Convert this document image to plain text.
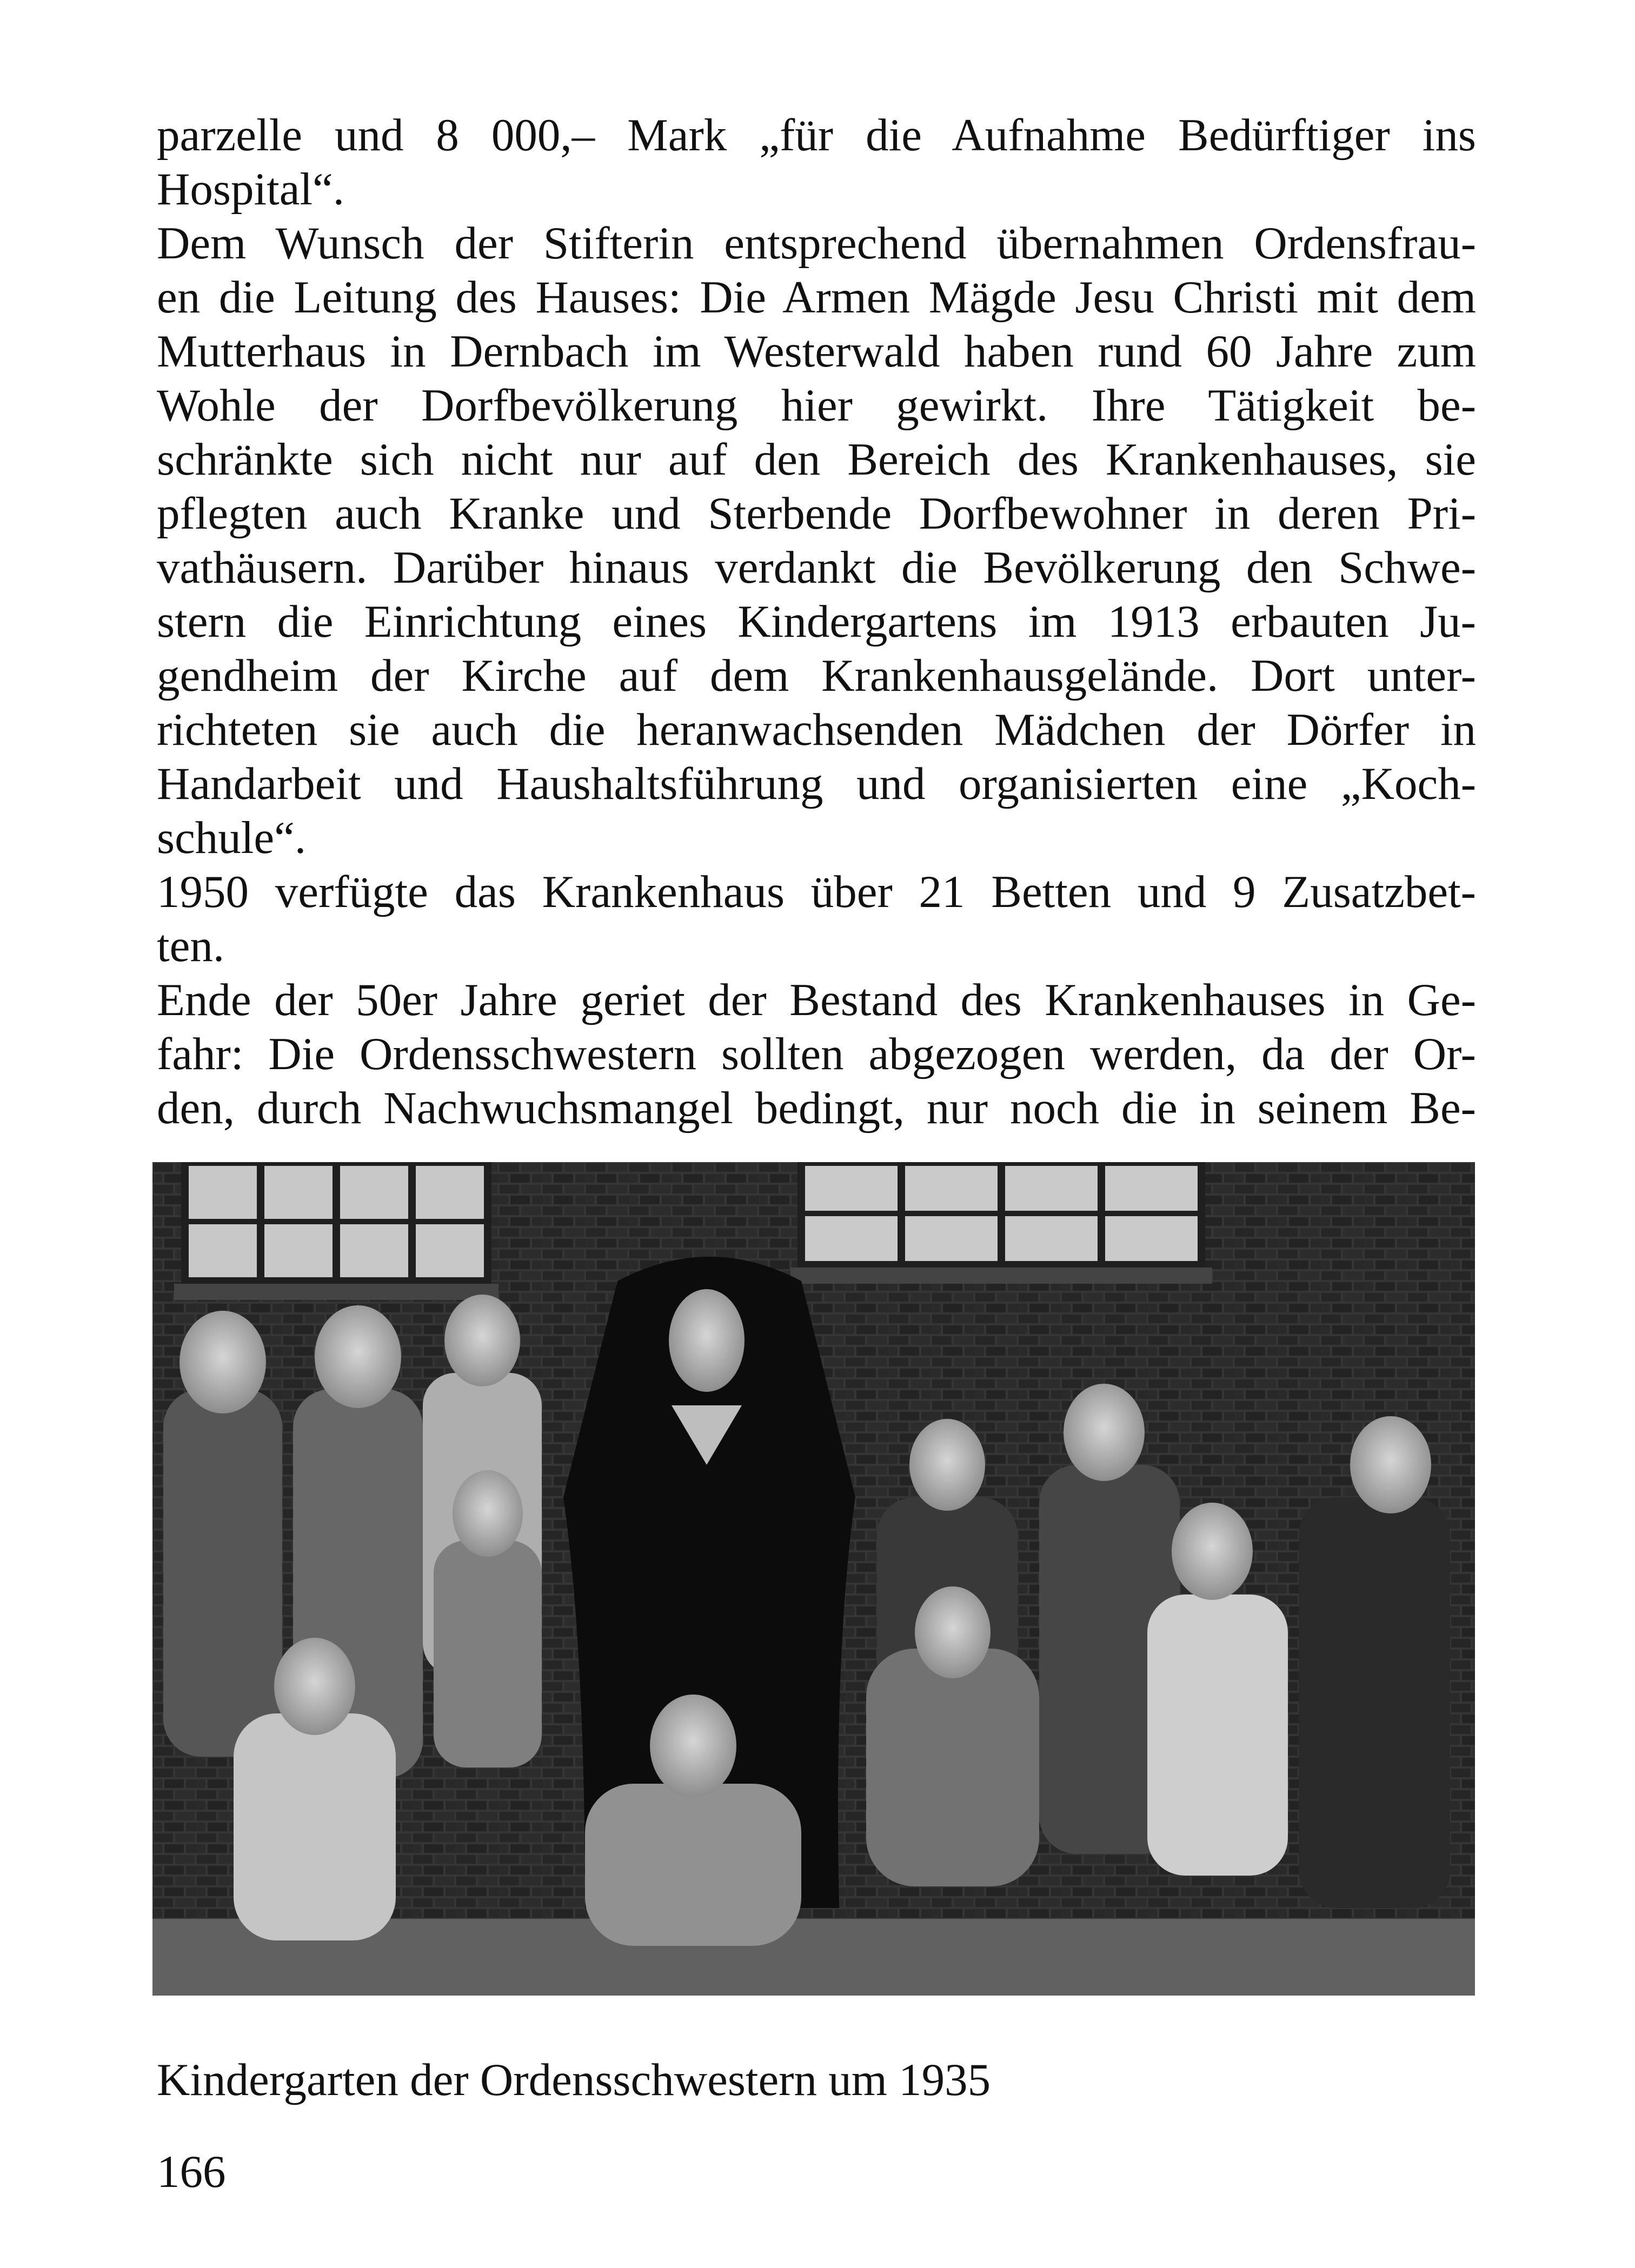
parzelle und 8 000,– Mark „für die Aufnahme Bedürftiger ins
Hospital“.
Dem Wunsch der Stifterin entsprechend übernahmen Ordensfrau-
en die Leitung des Hauses: Die Armen Mägde Jesu Christi mit dem
Mutterhaus in Dernbach im Westerwald haben rund 60 Jahre zum
Wohle der Dorfbevölkerung hier gewirkt. Ihre Tätigkeit be-
schränkte sich nicht nur auf den Bereich des Krankenhauses, sie
pflegten auch Kranke und Sterbende Dorfbewohner in deren Pri-
vathäusern. Darüber hinaus verdankt die Bevölkerung den Schwe-
stern die Einrichtung eines Kindergartens im 1913 erbauten Ju-
gendheim der Kirche auf dem Krankenhausgelände. Dort unter-
richteten sie auch die heranwachsenden Mädchen der Dörfer in
Handarbeit und Haushaltsführung und organisierten eine „Koch-
schule“.
1950 verfügte das Krankenhaus über 21 Betten und 9 Zusatzbet-
ten.
Ende der 50er Jahre geriet der Bestand des Krankenhauses in Ge-
fahr: Die Ordensschwestern sollten abgezogen werden, da der Or-
den, durch Nachwuchsmangel bedingt, nur noch die in seinem Be-
Kindergarten der Ordensschwestern um 1935
166
